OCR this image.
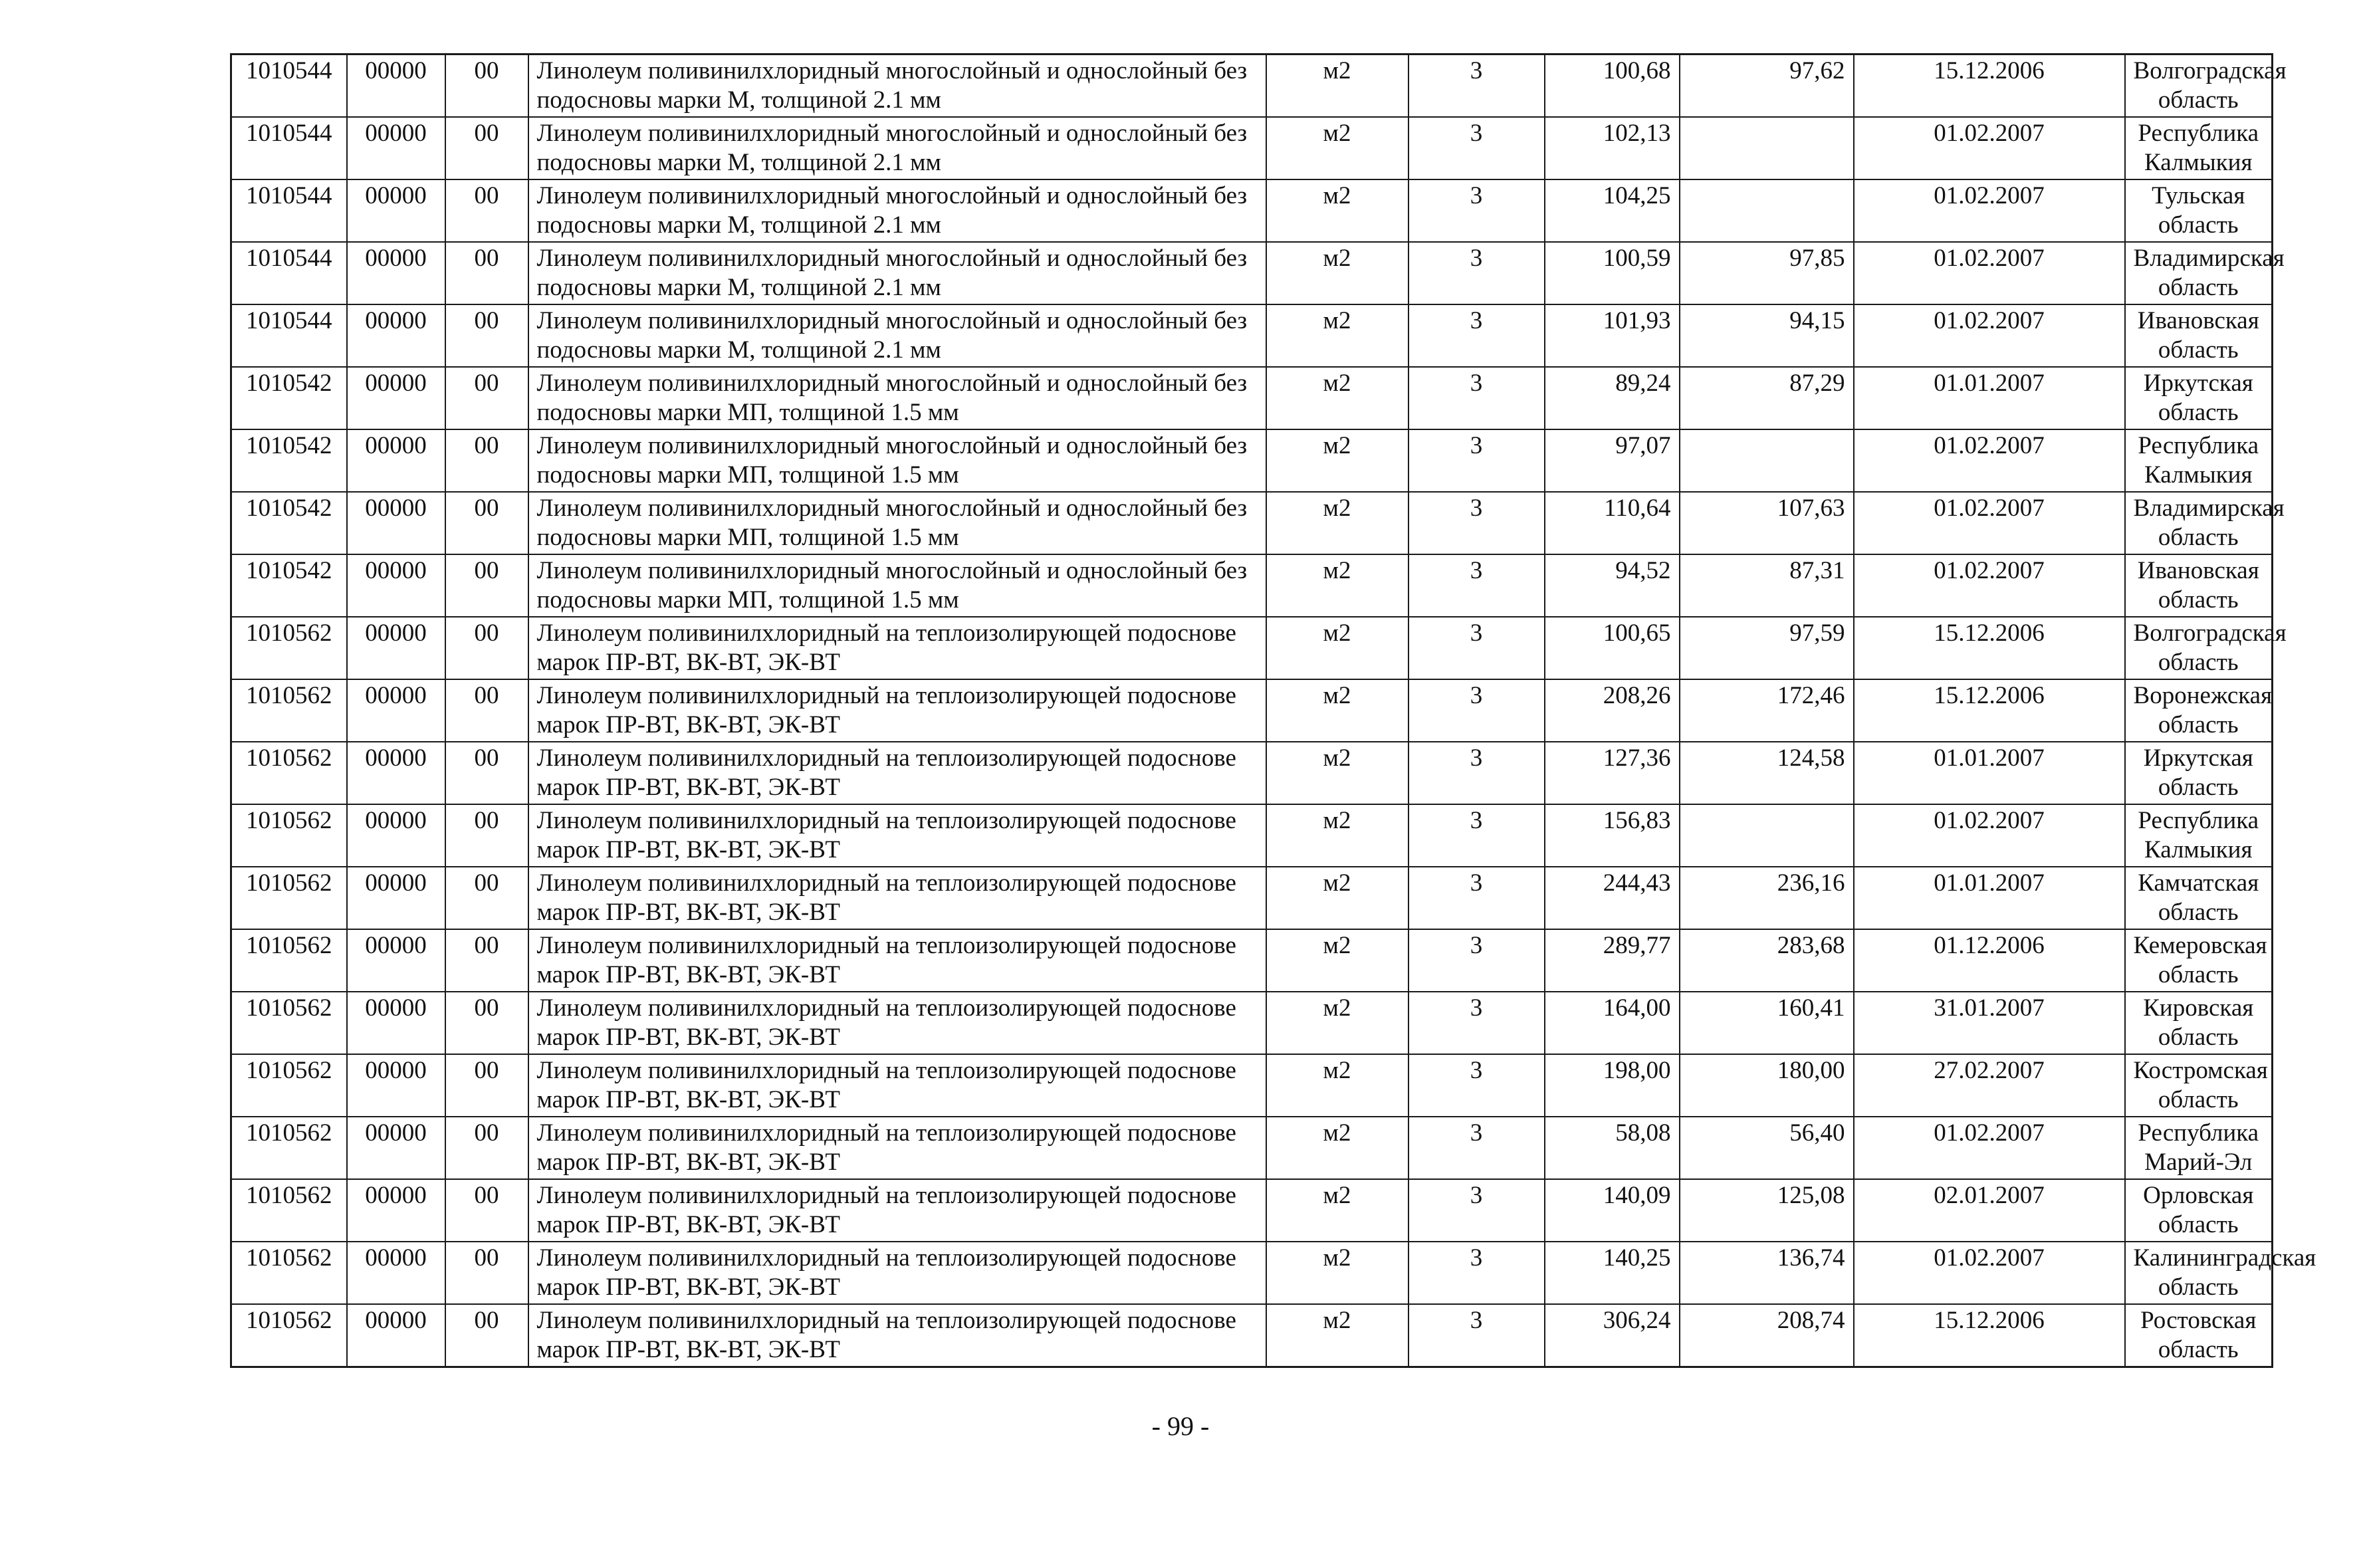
1010544	00000	00	Линолеум поливинилхлоридный многослойный и однослойный без подосновы марки М, толщиной 2.1 мм	м2	3	100,68	97,62	15.12.2006	Волгоградская область
1010544	00000	00	Линолеум поливинилхлоридный многослойный и однослойный без подосновы марки М, толщиной 2.1 мм	м2	3	102,13		01.02.2007	Республика Калмыкия
1010544	00000	00	Линолеум поливинилхлоридный многослойный и однослойный без подосновы марки М, толщиной 2.1 мм	м2	3	104,25		01.02.2007	Тульская область
1010544	00000	00	Линолеум поливинилхлоридный многослойный и однослойный без подосновы марки М, толщиной 2.1 мм	м2	3	100,59	97,85	01.02.2007	Владимирская область
1010544	00000	00	Линолеум поливинилхлоридный многослойный и однослойный без подосновы марки М, толщиной 2.1 мм	м2	3	101,93	94,15	01.02.2007	Ивановская область
1010542	00000	00	Линолеум поливинилхлоридный многослойный и однослойный без подосновы марки МП, толщиной 1.5 мм	м2	3	89,24	87,29	01.01.2007	Иркутская область
1010542	00000	00	Линолеум поливинилхлоридный многослойный и однослойный без подосновы марки МП, толщиной 1.5 мм	м2	3	97,07		01.02.2007	Республика Калмыкия
1010542	00000	00	Линолеум поливинилхлоридный многослойный и однослойный без подосновы марки МП, толщиной 1.5 мм	м2	3	110,64	107,63	01.02.2007	Владимирская область
1010542	00000	00	Линолеум поливинилхлоридный многослойный и однослойный без подосновы марки МП, толщиной 1.5 мм	м2	3	94,52	87,31	01.02.2007	Ивановская область
1010562	00000	00	Линолеум поливинилхлоридный на теплоизолирующей подоснове марок ПР-ВТ, ВК-ВТ, ЭК-ВТ	м2	3	100,65	97,59	15.12.2006	Волгоградская область
1010562	00000	00	Линолеум поливинилхлоридный на теплоизолирующей подоснове марок ПР-ВТ, ВК-ВТ, ЭК-ВТ	м2	3	208,26	172,46	15.12.2006	Воронежская область
1010562	00000	00	Линолеум поливинилхлоридный на теплоизолирующей подоснове марок ПР-ВТ, ВК-ВТ, ЭК-ВТ	м2	3	127,36	124,58	01.01.2007	Иркутская область
1010562	00000	00	Линолеум поливинилхлоридный на теплоизолирующей подоснове марок ПР-ВТ, ВК-ВТ, ЭК-ВТ	м2	3	156,83		01.02.2007	Республика Калмыкия
1010562	00000	00	Линолеум поливинилхлоридный на теплоизолирующей подоснове марок ПР-ВТ, ВК-ВТ, ЭК-ВТ	м2	3	244,43	236,16	01.01.2007	Камчатская область
1010562	00000	00	Линолеум поливинилхлоридный на теплоизолирующей подоснове марок ПР-ВТ, ВК-ВТ, ЭК-ВТ	м2	3	289,77	283,68	01.12.2006	Кемеровская область
1010562	00000	00	Линолеум поливинилхлоридный на теплоизолирующей подоснове марок ПР-ВТ, ВК-ВТ, ЭК-ВТ	м2	3	164,00	160,41	31.01.2007	Кировская область
1010562	00000	00	Линолеум поливинилхлоридный на теплоизолирующей подоснове марок ПР-ВТ, ВК-ВТ, ЭК-ВТ	м2	3	198,00	180,00	27.02.2007	Костромская область
1010562	00000	00	Линолеум поливинилхлоридный на теплоизолирующей подоснове марок ПР-ВТ, ВК-ВТ, ЭК-ВТ	м2	3	58,08	56,40	01.02.2007	Республика Марий-Эл
1010562	00000	00	Линолеум поливинилхлоридный на теплоизолирующей подоснове марок ПР-ВТ, ВК-ВТ, ЭК-ВТ	м2	3	140,09	125,08	02.01.2007	Орловская область
1010562	00000	00	Линолеум поливинилхлоридный на теплоизолирующей подоснове марок ПР-ВТ, ВК-ВТ, ЭК-ВТ	м2	3	140,25	136,74	01.02.2007	Калининградская область
1010562	00000	00	Линолеум поливинилхлоридный на теплоизолирующей подоснове марок ПР-ВТ, ВК-ВТ, ЭК-ВТ	м2	3	306,24	208,74	15.12.2006	Ростовская область
- 99 -
